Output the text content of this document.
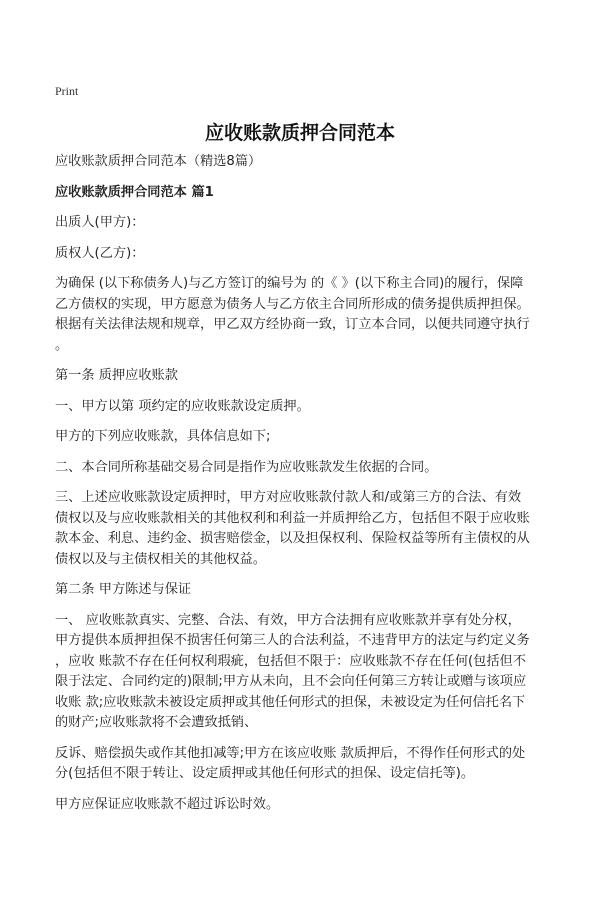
Print
应收账款质押合同范本

应收账款质押合同范本（精选8篇）

应收账款质押合同范本 篇1

出质人(甲方)：

质权人(乙方)：

为确保 (以下称债务人)与乙方签订的编号为 的《 》(以下称主合同)的履行，保障
乙方债权的实现，甲方愿意为债务人与乙方依主合同所形成的债务提供质押担保。
根据有关法律法规和规章，甲乙双方经协商一致，订立本合同，以便共同遵守执行
。

第一条 质押应收账款

一、甲方以第 项约定的应收账款设定质押。

甲方的下列应收账款，具体信息如下;

二、本合同所称基础交易合同是指作为应收账款发生依据的合同。

三、上述应收账款设定质押时，甲方对应收账款付款人和/或第三方的合法、有效
债权以及与应收账款相关的其他权利和利益一并质押给乙方，包括但不限于应收账
款本金、利息、违约金、损害赔偿金，以及担保权利、保险权益等所有主债权的从
债权以及与主债权相关的其他权益。

第二条 甲方陈述与保证

一、 应收账款真实、完整、合法、有效，甲方合法拥有应收账款并享有处分权，
甲方提供本质押担保不损害任何第三人的合法利益，不违背甲方的法定与约定义务
，应收 账款不存在任何权利瑕疵，包括但不限于：应收账款不存在任何(包括但不
限于法定、合同约定的)限制;甲方从未向，且不会向任何第三方转让或赠与该项应
收账 款;应收账款未被设定质押或其他任何形式的担保，未被设定为任何信托名下
的财产;应收账款将不会遭致抵销、

反诉、赔偿损失或作其他扣减等;甲方在该应收账 款质押后，不得作任何形式的处
分(包括但不限于转让、设定质押或其他任何形式的担保、设定信托等)。

甲方应保证应收账款不超过诉讼时效。
